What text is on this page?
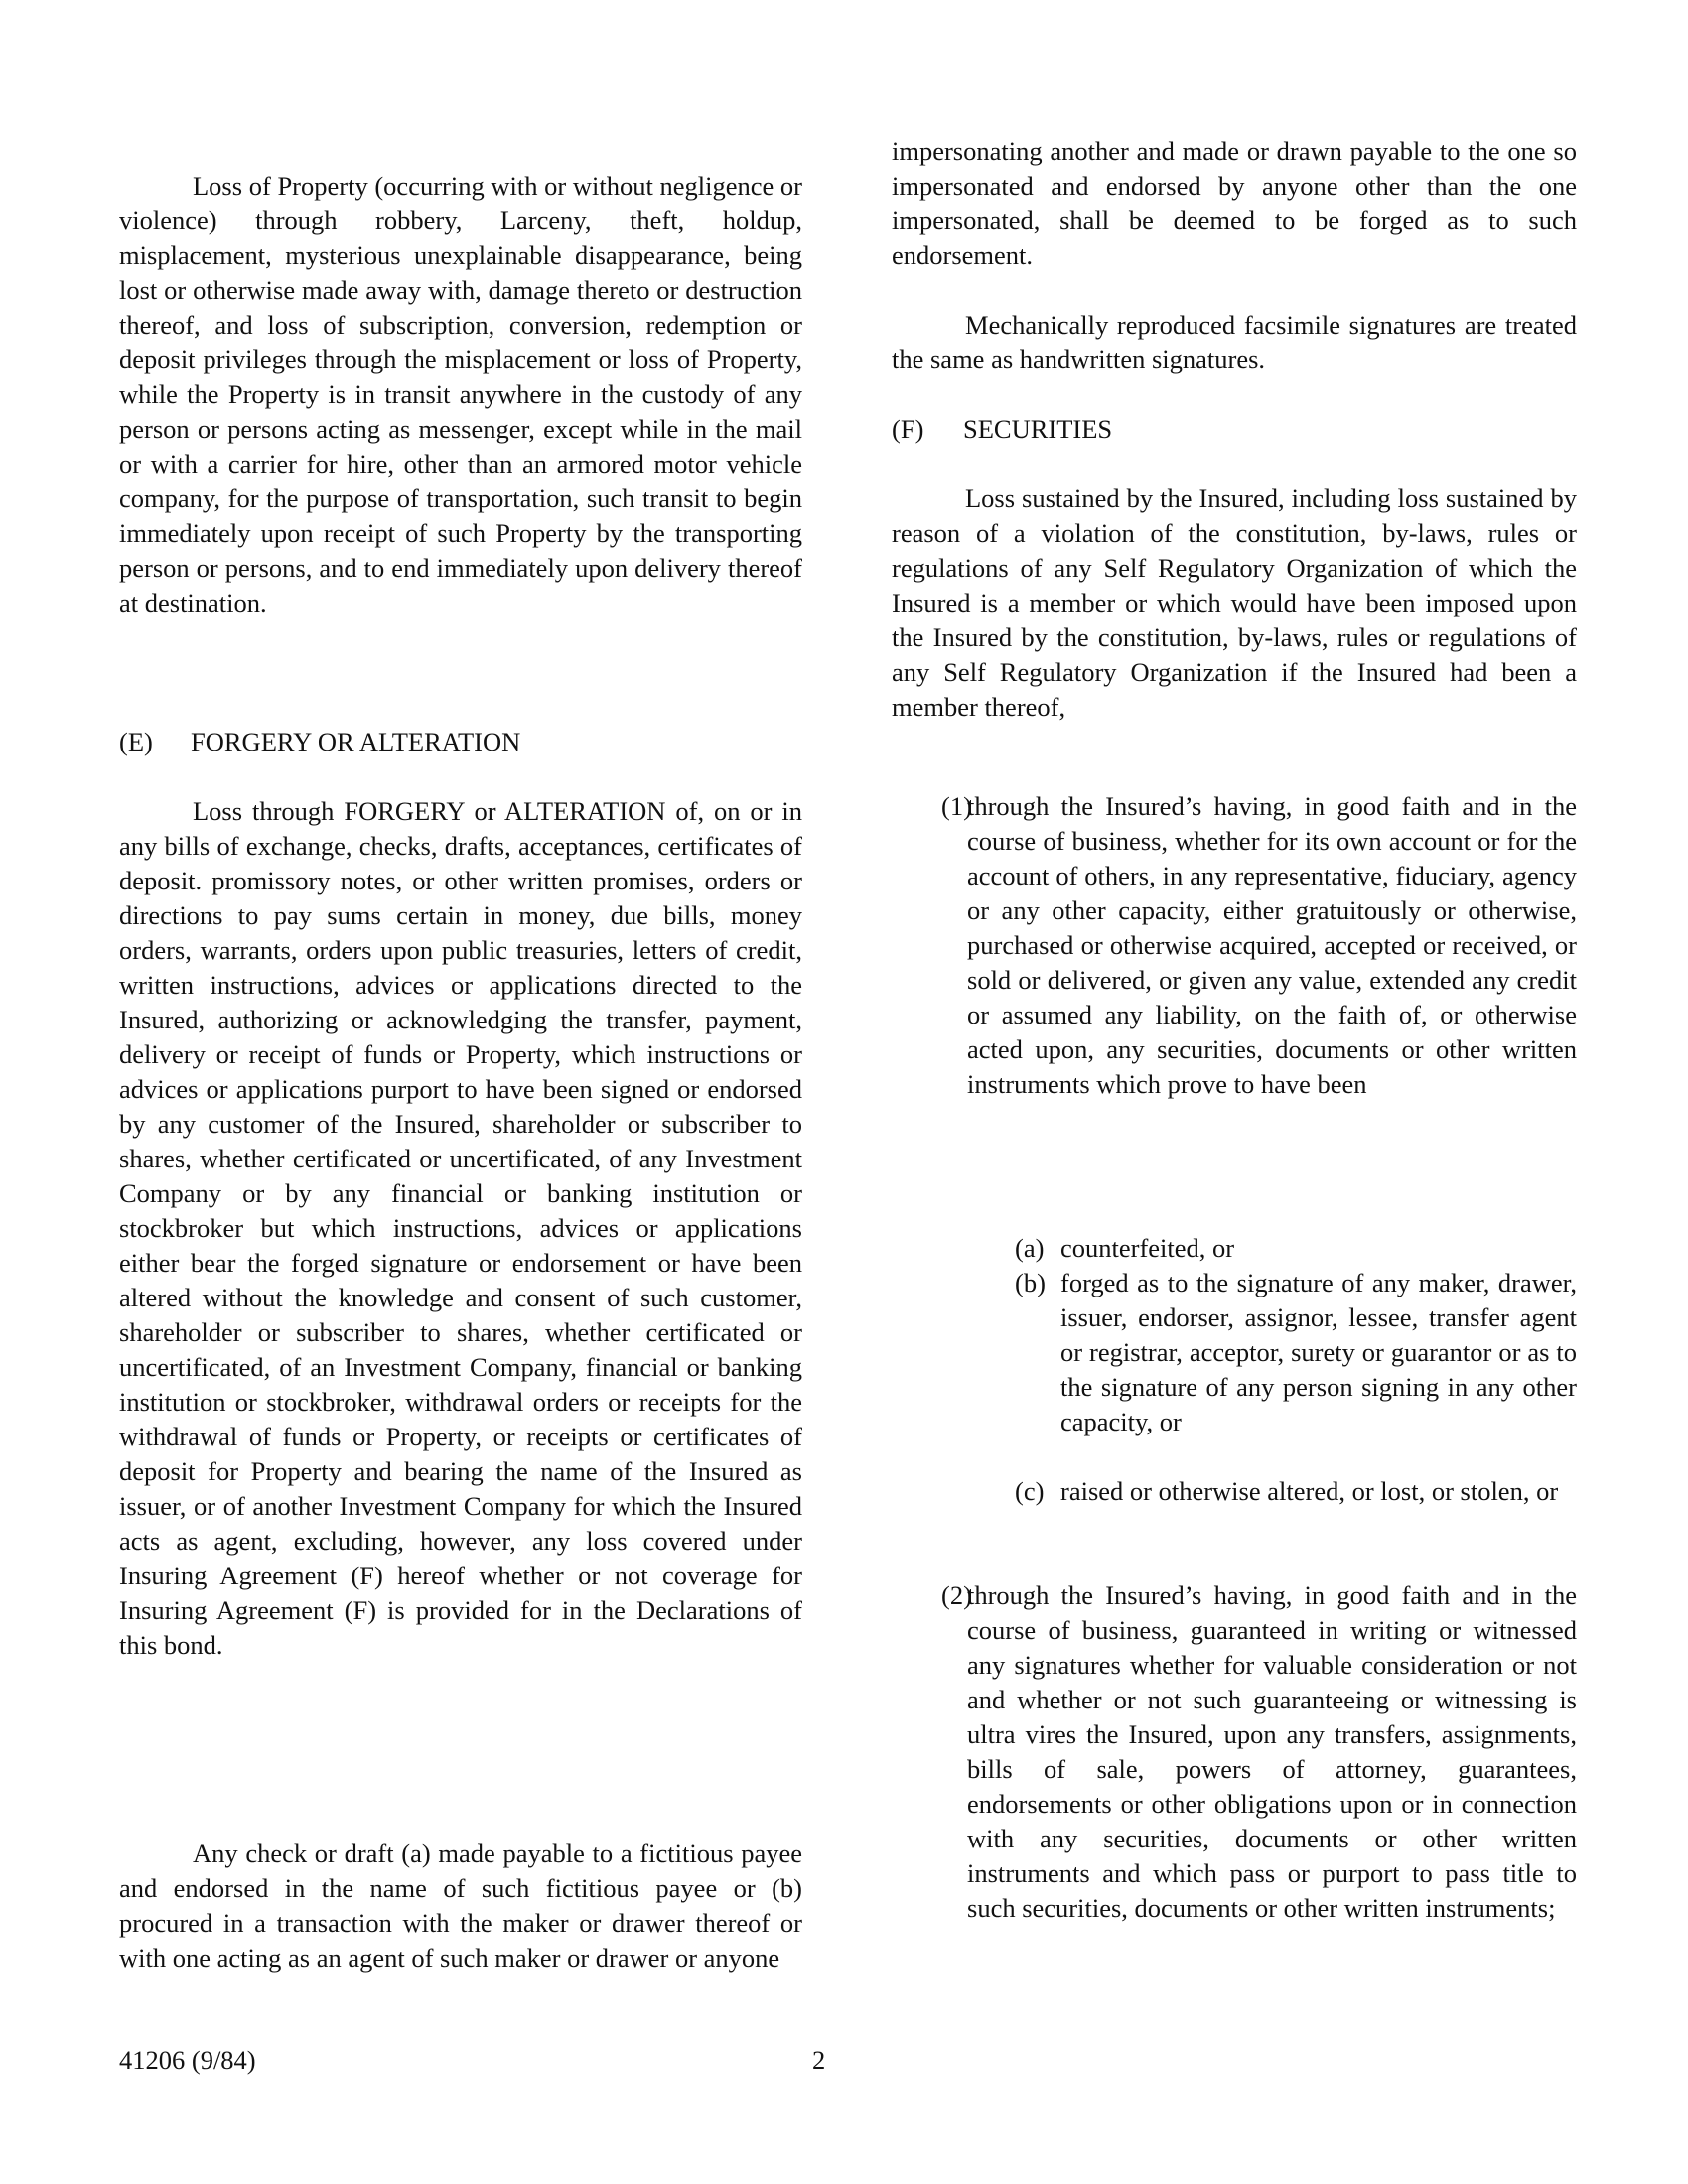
Loss of Property (occurring with or without negligence or violence) through robbery, Larceny, theft, holdup, misplacement, mysterious unexplainable disappearance, being lost or otherwise made away with, damage thereto or destruction thereof, and loss of subscription, conversion, redemption or deposit privileges through the misplacement or loss of Property, while the Property is in transit anywhere in the custody of any person or persons acting as messenger, except while in the mail or with a carrier for hire, other than an armored motor vehicle company, for the purpose of transportation, such transit to begin immediately upon receipt of such Property by the transporting person or persons, and to end immediately upon delivery thereof at destination.

(E)	FORGERY OR ALTERATION

Loss through FORGERY or ALTERATION of, on or in any bills of exchange, checks, drafts, acceptances, certificates of deposit. promissory notes, or other written promises, orders or directions to pay sums certain in money, due bills, money orders, warrants, orders upon public treasuries, letters of credit, written instructions, advices or applications directed to the Insured, authorizing or acknowledging the transfer, payment, delivery or receipt of funds or Property, which instructions or advices or applications purport to have been signed or endorsed by any customer of the Insured, shareholder or subscriber to shares, whether certificated or uncertificated, of any Investment Company or by any financial or banking institution or stockbroker but which instructions, advices or applications either bear the forged signature or endorsement or have been altered without the knowledge and consent of such customer, shareholder or subscriber to shares, whether certificated or uncertificated, of an Investment Company, financial or banking institution or stockbroker, withdrawal orders or receipts for the withdrawal of funds or Property, or receipts or certificates of deposit for Property and bearing the name of the Insured as issuer, or of another Investment Company for which the Insured acts as agent, excluding, however, any loss covered under Insuring Agreement (F) hereof whether or not coverage for Insuring Agreement (F) is provided for in the Declarations of this bond.

Any check or draft (a) made payable to a fictitious payee and endorsed in the name of such fictitious payee or (b) procured in a transaction with the maker or drawer thereof or with one acting as an agent of such maker or drawer or anyone

impersonating another and made or drawn payable to the one so impersonated and endorsed by anyone other than the one impersonated, shall be deemed to be forged as to such endorsement.

Mechanically reproduced facsimile signatures are treated the same as handwritten signatures.

(F)	SECURITIES

Loss sustained by the Insured, including loss sustained by reason of a violation of the constitution, by-laws, rules or regulations of any Self Regulatory Organization of which the Insured is a member or which would have been imposed upon the Insured by the constitution, by-laws, rules or regulations of any Self Regulatory Organization if the Insured had been a member thereof,

(1)
through the Insured’s having, in good faith and in the course of business, whether for its own account or for the account of others, in any representative, fiduciary, agency or any other capacity, either gratuitously or otherwise, purchased or otherwise acquired, accepted or received, or sold or delivered, or given any value, extended any credit or assumed any liability, on the faith of, or otherwise acted upon, any securities, documents or other written instruments which prove to have been
(a) counterfeited, or
(b) forged as to the signature of any maker, drawer, issuer, endorser, assignor, lessee, transfer agent or registrar, acceptor, surety or guarantor or as to the signature of any person signing in any other capacity, or
(c) raised or otherwise altered, or lost, or stolen, or
(2)
through the Insured’s having, in good faith and in the course of business, guaranteed in writing or witnessed any signatures whether for valuable consideration or not and whether or not such guaranteeing or witnessing is ultra vires the Insured, upon any transfers, assignments, bills of sale, powers of attorney, guarantees, endorsements or other obligations upon or in connection with any securities, documents or other written instruments and which pass or purport to pass title to such securities, documents or other written instruments;
41206 (9/84)	2
